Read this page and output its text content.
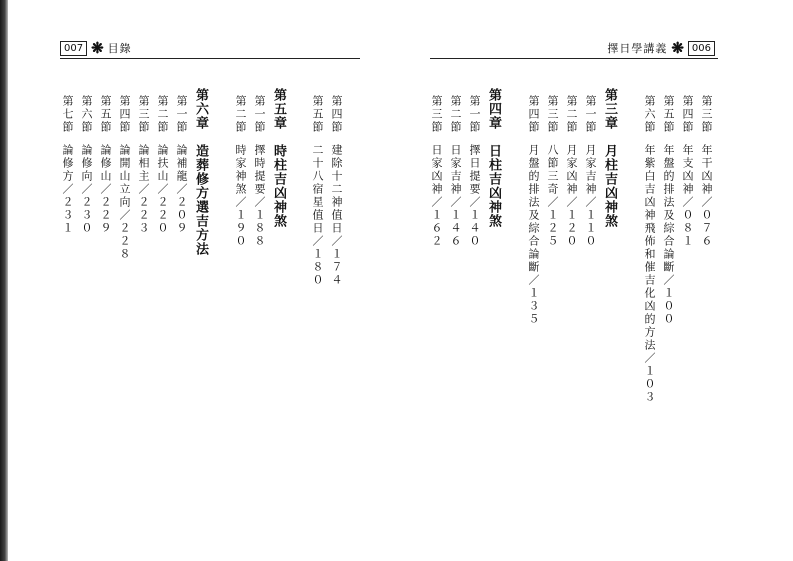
007 ❋ 目錄
第四節建除十二神值日／１７４
第五節二十八宿星值日／１８０
第五章　時柱吉凶神煞
第一節擇時提要／１８８
第二節時家神煞／１９０
第六章　造葬修方選吉方法
第一節論補龍／２０９
第二節論扶山／２２０
第三節論相主／２２３
第四節論開山立向／２２８
第五節論修山／２２９
第六節論修向／２３０
第七節論修方／２３１
擇日學講義 ❋ 006
第三節年干凶神／０７６
第四節年支凶神／０８１
第五節年盤的排法及綜合論斷／１００
第六節年紫白吉凶神飛佈和催吉化凶的方法／１０３
第三章　月柱吉凶神煞
第一節月家吉神／１１０
第二節月家凶神／１２０
第三節八節三奇／１２５
第四節月盤的排法及綜合論斷／１３５
第四章　日柱吉凶神煞
第一節擇日提要／１４０
第二節日家吉神／１４６
第三節日家凶神／１６２
